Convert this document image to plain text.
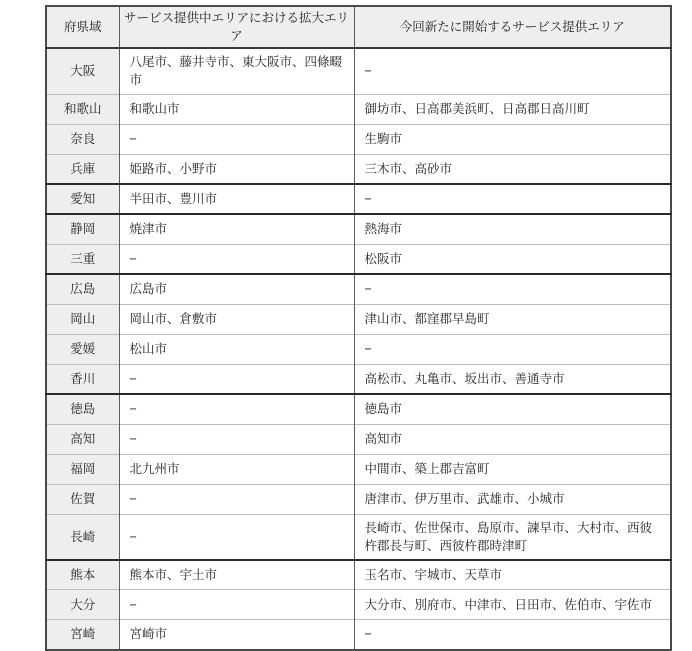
府県域	サービス提供中エリアにおける拡大エリア	今回新たに開始するサービス提供エリア
大阪	八尾市、藤井寺市、東大阪市、四條畷市	−
和歌山	和歌山市	御坊市、日高郡美浜町、日高郡日高川町
奈良	−	生駒市
兵庫	姫路市、小野市	三木市、高砂市
愛知	半田市、豊川市	−
静岡	焼津市	熱海市
三重	−	松阪市
広島	広島市	−
岡山	岡山市、倉敷市	津山市、都窪郡早島町
愛媛	松山市	−
香川	−	高松市、丸亀市、坂出市、善通寺市
徳島	−	徳島市
高知	−	高知市
福岡	北九州市	中間市、築上郡吉富町
佐賀	−	唐津市、伊万里市、武雄市、小城市
長崎	−	長崎市、佐世保市、島原市、諫早市、大村市、西彼杵郡長与町、西彼杵郡時津町
熊本	熊本市、宇土市	玉名市、宇城市、天草市
大分	−	大分市、別府市、中津市、日田市、佐伯市、宇佐市
宮崎	宮崎市	−
